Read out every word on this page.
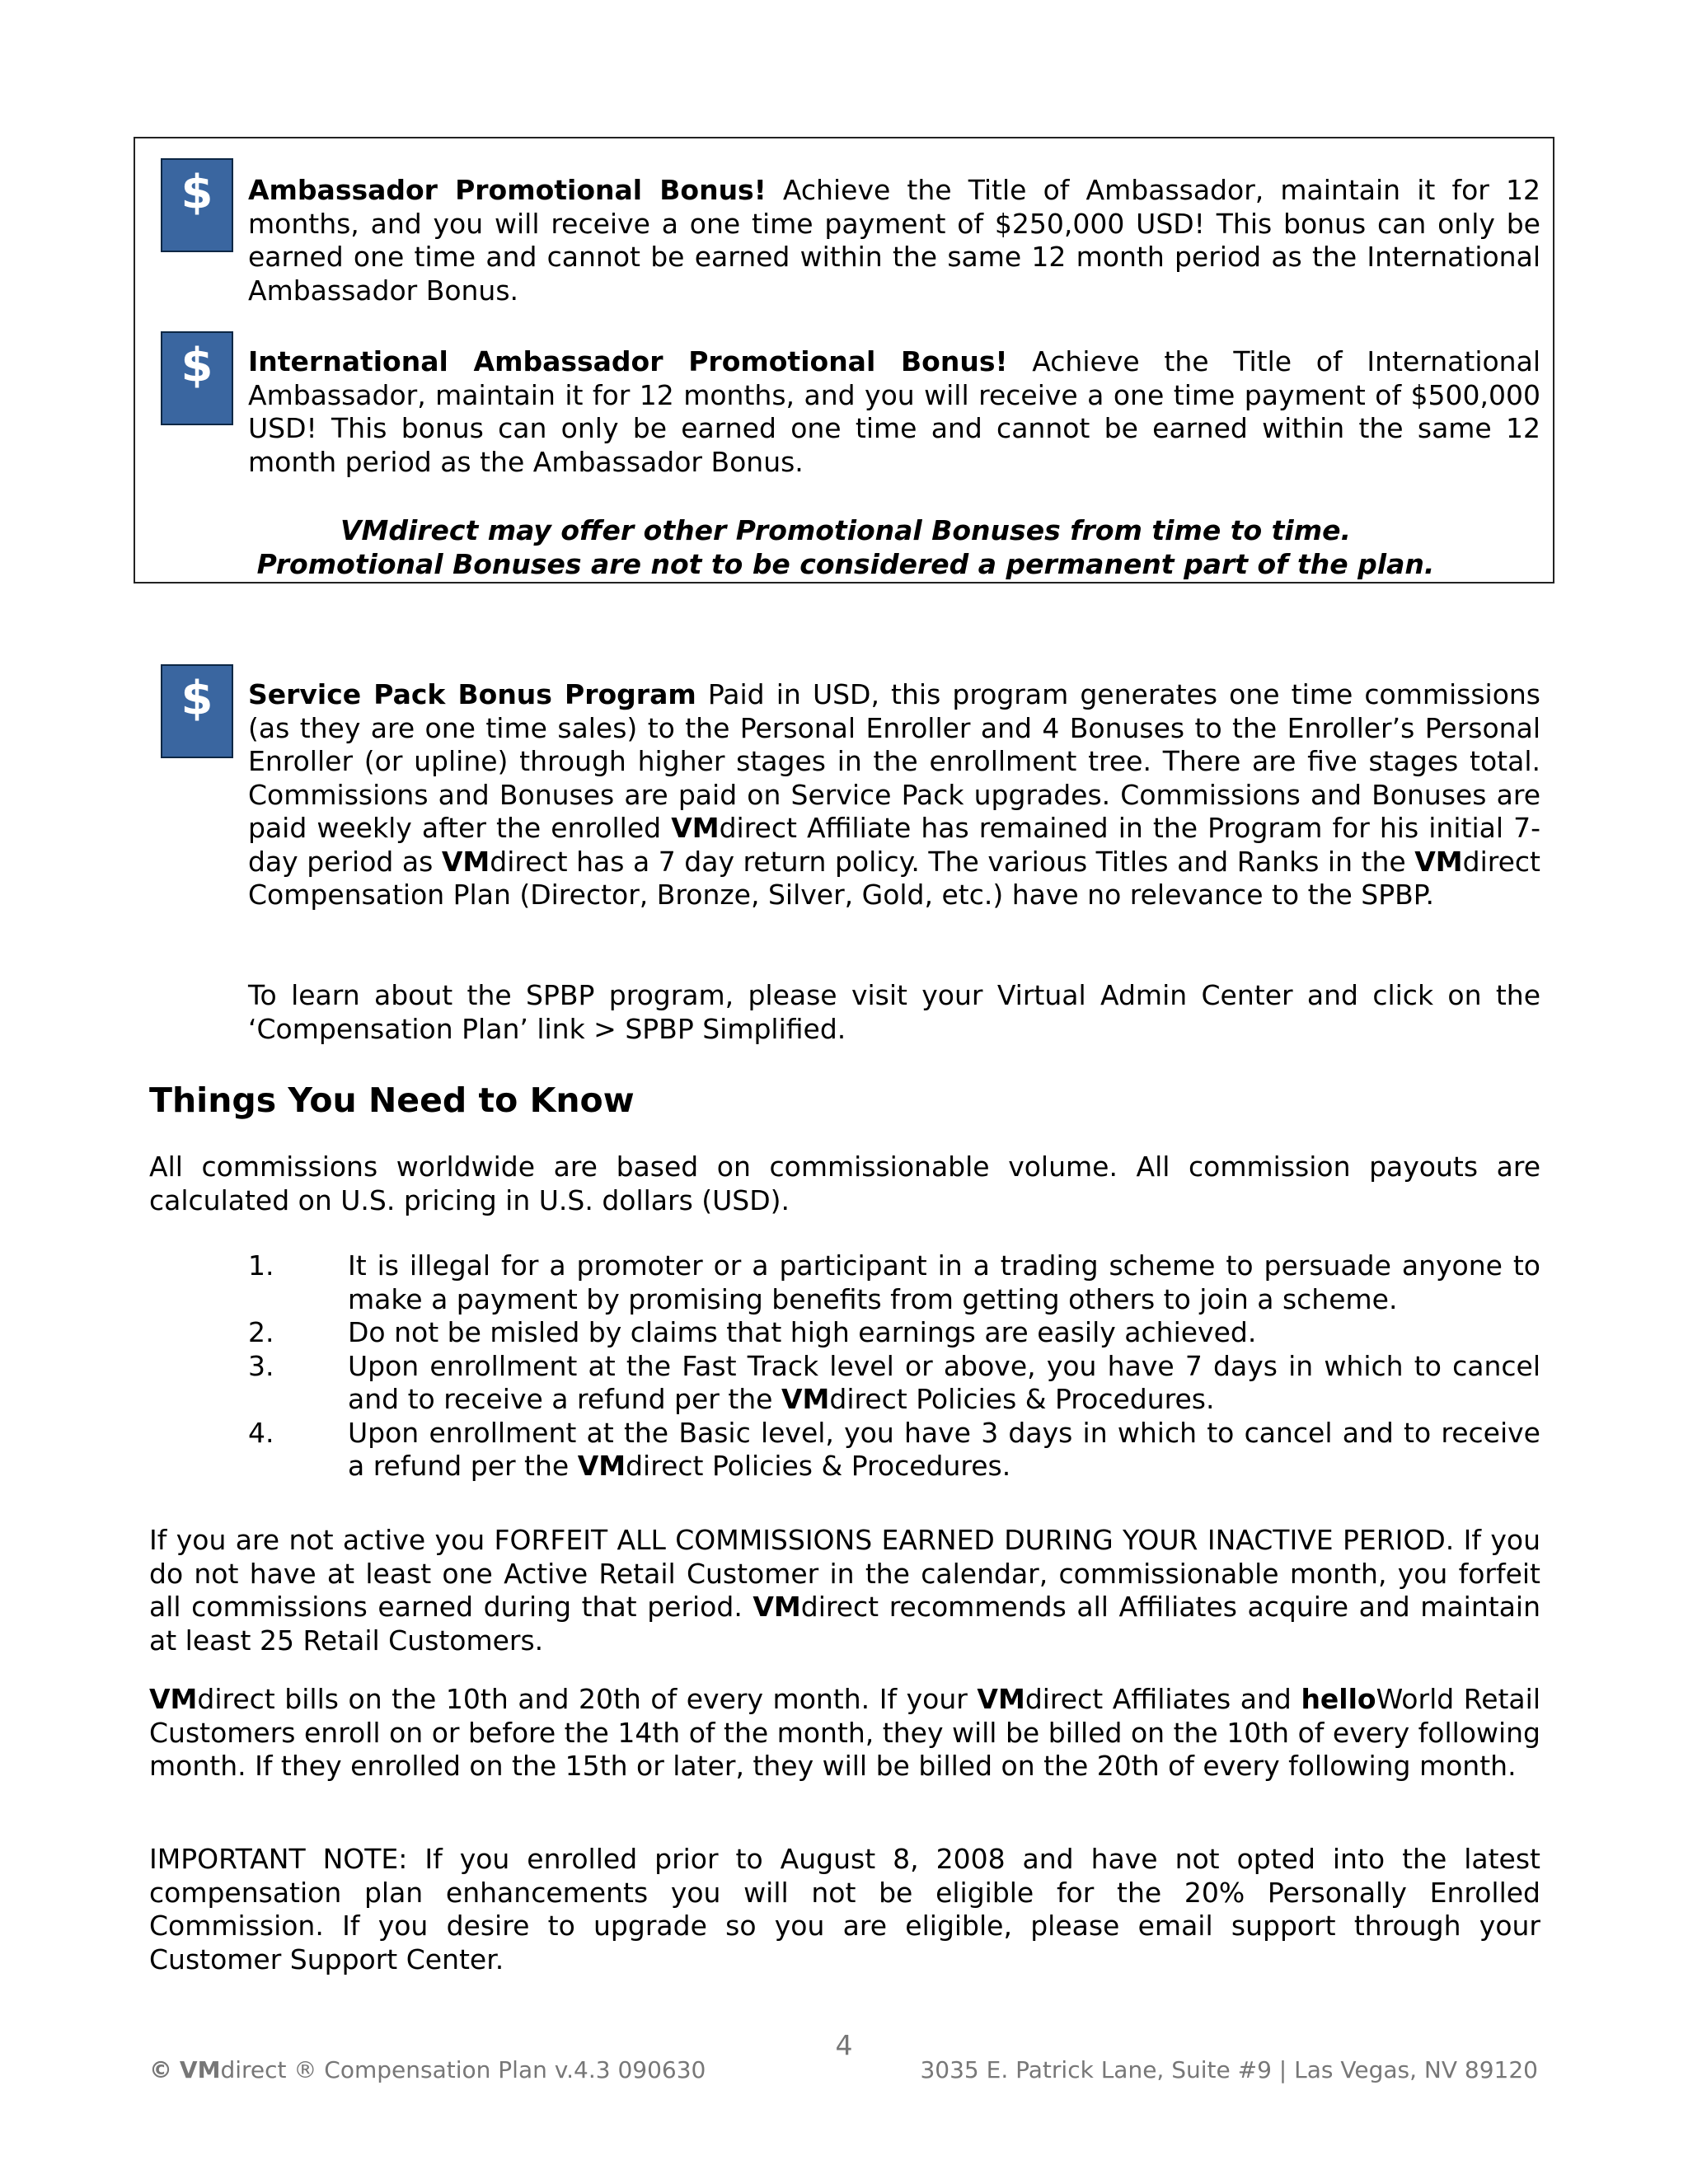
$ Ambassador Promotional Bonus! Achieve the Title of Ambassador, maintain it for 12 months, and you will receive a one time payment of $250,000 USD! This bonus can only be earned one time and cannot be earned within the same 12 month period as the International Ambassador Bonus.
$ International Ambassador Promotional Bonus! Achieve the Title of International Ambassador, maintain it for 12 months, and you will receive a one time payment of $500,000 USD! This bonus can only be earned one time and cannot be earned within the same 12 month period as the Ambassador Bonus.
VMdirect may offer other Promotional Bonuses from time to time.
Promotional Bonuses are not to be considered a permanent part of the plan.
$ Service Pack Bonus Program Paid in USD, this program generates one time commissions (as they are one time sales) to the Personal Enroller and 4 Bonuses to the Enroller’s Personal Enroller (or upline) through higher stages in the enrollment tree. There are five stages total. Commissions and Bonuses are paid on Service Pack upgrades. Commissions and Bonuses are paid weekly after the enrolled VMdirect Affiliate has remained in the Program for his initial 7-day period as VMdirect has a 7 day return policy. The various Titles and Ranks in the VMdirect Compensation Plan (Director, Bronze, Silver, Gold, etc.) have no relevance to the SPBP.
To learn about the SPBP program, please visit your Virtual Admin Center and click on the ‘Compensation Plan’ link > SPBP Simplified.
Things You Need to Know
All commissions worldwide are based on commissionable volume. All commission payouts are calculated on U.S. pricing in U.S. dollars (USD).
1.	It is illegal for a promoter or a participant in a trading scheme to persuade anyone to make a payment by promising benefits from getting others to join a scheme.
2.	Do not be misled by claims that high earnings are easily achieved.
3.	Upon enrollment at the Fast Track level or above, you have 7 days in which to cancel and to receive a refund per the VMdirect Policies & Procedures.
4.	Upon enrollment at the Basic level, you have 3 days in which to cancel and to receive a refund per the VMdirect Policies & Procedures.
If you are not active you FORFEIT ALL COMMISSIONS EARNED DURING YOUR INACTIVE PERIOD. If you do not have at least one Active Retail Customer in the calendar, commissionable month, you forfeit all commissions earned during that period. VMdirect recommends all Affiliates acquire and maintain at least 25 Retail Customers.
VMdirect bills on the 10th and 20th of every month. If your VMdirect Affiliates and helloWorld Retail Customers enroll on or before the 14th of the month, they will be billed on the 10th of every following month. If they enrolled on the 15th or later, they will be billed on the 20th of every following month.
IMPORTANT NOTE: If you enrolled prior to August 8, 2008 and have not opted into the latest compensation plan enhancements you will not be eligible for the 20% Personally Enrolled Commission. If you desire to upgrade so you are eligible, please email support through your Customer Support Center.
4
© VMdirect ® Compensation Plan v.4.3 090630	3035 E. Patrick Lane, Suite #9 | Las Vegas, NV 89120
